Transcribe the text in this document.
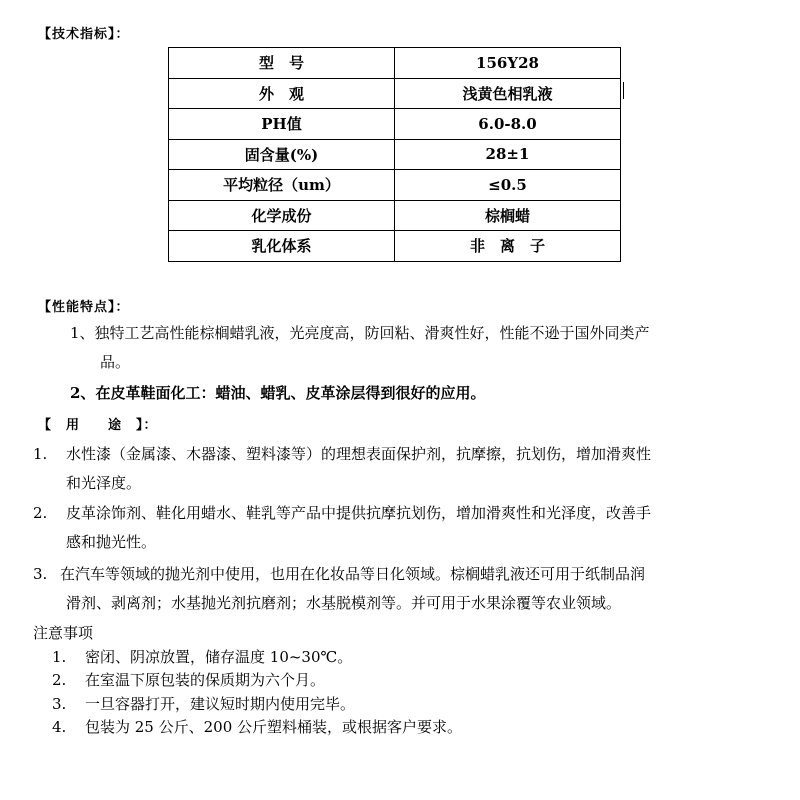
【技术指标】：
型　号	156Y28
外　观	浅黄色相乳液
PH值	6.0-8.0
固含量(%)	28±1
平均粒径（um）	≤0.5
化学成份	棕榈蜡
乳化体系	非　离　子
【性能特点】：
1、独特工艺高性能棕榈蜡乳液，光亮度高，防回粘、滑爽性好，性能不逊于国外同类产
品。
2、在皮革鞋面化工：蜡油、蜡乳、皮革涂层得到很好的应用。
【　用　　途　】：
1. 水性漆（金属漆、木器漆、塑料漆等）的理想表面保护剂，抗摩擦，抗划伤，增加滑爽性
和光泽度。
2. 皮革涂饰剂、鞋化用蜡水、鞋乳等产品中提供抗摩抗划伤，增加滑爽性和光泽度，改善手
感和抛光性。
3. 在汽车等领域的抛光剂中使用，也用在化妆品等日化领域。棕榈蜡乳液还可用于纸制品润
滑剂、剥离剂；水基抛光剂抗磨剂；水基脱模剂等。并可用于水果涂覆等农业领域。
注意事项
1. 密闭、阴凉放置，储存温度 10~30℃。
2. 在室温下原包装的保质期为六个月。
3. 一旦容器打开，建议短时期内使用完毕。
4. 包装为 25 公斤、200 公斤塑料桶装，或根据客户要求。
